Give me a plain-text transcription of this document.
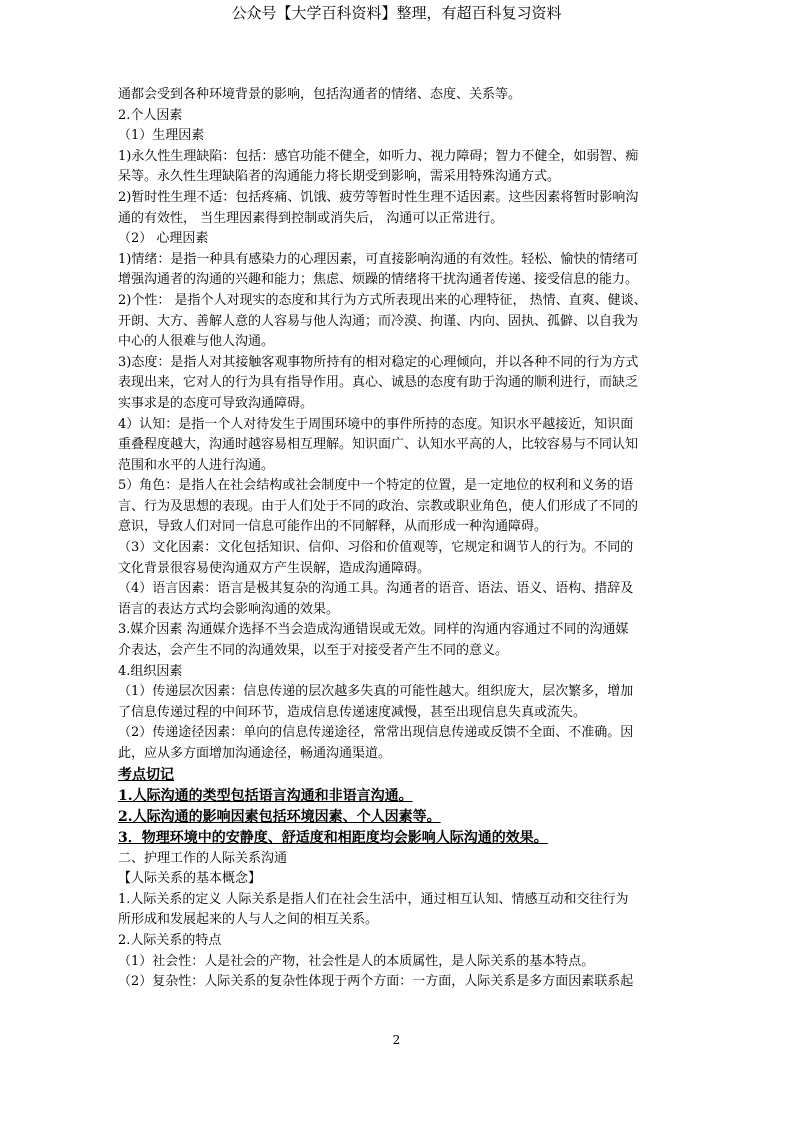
公众号【大学百科资料】整理，有超百科复习资料
通都会受到各种环境背景的影响，包括沟通者的情绪、态度、关系等。
2.个人因素
（1）生理因素
1)永久性生理缺陷：包括：感官功能不健全，如听力、视力障碍；智力不健全，如弱智、痴
呆等。永久性生理缺陷者的沟通能力将长期受到影响，需采用特殊沟通方式。
2)暂时性生理不适：包括疼痛、饥饿、疲劳等暂时性生理不适因素。这些因素将暂时影响沟
通的有效性， 当生理因素得到控制或消失后， 沟通可以正常进行。
（2） 心理因素
1)情绪：是指一种具有感染力的心理因素，可直接影响沟通的有效性。轻松、愉快的情绪可
增强沟通者的沟通的兴趣和能力；焦虑、烦躁的情绪将干扰沟通者传递、接受信息的能力。
2)个性： 是指个人对现实的态度和其行为方式所表现出来的心理特征， 热情、直爽、健谈、
开朗、大方、善解人意的人容易与他人沟通；而冷漠、拘谨、内向、固执、孤僻、以自我为
中心的人很难与他人沟通。
3)态度：是指人对其接触客观事物所持有的相对稳定的心理倾向，并以各种不同的行为方式
表现出来，它对人的行为具有指导作用。真心、诚恳的态度有助于沟通的顺利进行，而缺乏
实事求是的态度可导致沟通障碍。
4）认知：是指一个人对待发生于周围环境中的事件所持的态度。知识水平越接近，知识面
重叠程度越大，沟通时越容易相互理解。知识面广、认知水平高的人，比较容易与不同认知
范围和水平的人进行沟通。
5）角色：是指人在社会结构或社会制度中一个特定的位置，是一定地位的权利和义务的语
言、行为及思想的表现。由于人们处于不同的政治、宗教或职业角色，使人们形成了不同的
意识，导致人们对同一信息可能作出的不同解释，从而形成一种沟通障碍。
（3）文化因素：文化包括知识、信仰、习俗和价值观等，它规定和调节人的行为。不同的
文化背景很容易使沟通双方产生误解，造成沟通障碍。
（4）语言因素：语言是极其复杂的沟通工具。沟通者的语音、语法、语义、语构、措辞及
语言的表达方式均会影响沟通的效果。
3.媒介因素 沟通媒介选择不当会造成沟通错误或无效。同样的沟通内容通过不同的沟通媒
介表达，会产生不同的沟通效果，以至于对接受者产生不同的意义。
4.组织因素
（1）传递层次因素：信息传递的层次越多失真的可能性越大。组织庞大，层次繁多，增加
了信息传递过程的中间环节，造成信息传递速度减慢，甚至出现信息失真或流失。
（2）传递途径因素：单向的信息传递途径，常常出现信息传递或反馈不全面、不准确。因
此，应从多方面增加沟通途径，畅通沟通渠道。
考点切记
1.人际沟通的类型包括语言沟通和非语言沟通。
2.人际沟通的影响因素包括环境因素、个人因素等。
3．物理环境中的安静度、舒适度和相距度均会影响人际沟通的效果。
二、护理工作的人际关系沟通
【人际关系的基本概念】
1.人际关系的定义 人际关系是指人们在社会生活中，通过相互认知、情感互动和交往行为
所形成和发展起来的人与人之间的相互关系。
2.人际关系的特点
（1）社会性：人是社会的产物，社会性是人的本质属性，是人际关系的基本特点。
（2）复杂性：人际关系的复杂性体现于两个方面：一方面，人际关系是多方面因素联系起
2
